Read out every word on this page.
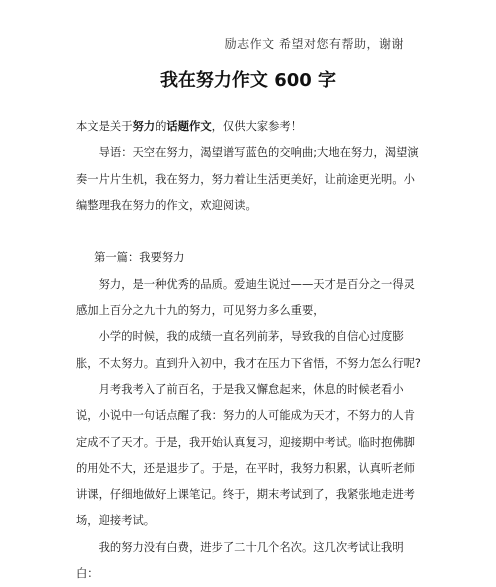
励志作文 希望对您有帮助，谢谢
我在努力作文 600 字

本文是关于努力的话题作文，仅供大家参考！

导语：天空在努力，渴望谱写蓝色的交响曲;大地在努力，渴望演奏一片片生机，我在努力，努力着让生活更美好，让前途更光明。小编整理我在努力的作文，欢迎阅读。

第一篇：我要努力

努力，是一种优秀的品质。爱迪生说过——天才是百分之一得灵感加上百分之九十九的努力，可见努力多么重要，

小学的时候，我的成绩一直名列前茅，导致我的自信心过度膨胀，不太努力。直到升入初中，我才在压力下省悟，不努力怎么行呢?

月考我考入了前百名，于是我又懈怠起来，休息的时候老看小说，小说中一句话点醒了我：努力的人可能成为天才，不努力的人肯定成不了天才。于是，我开始认真复习，迎接期中考试。临时抱佛脚的用处不大，还是退步了。于是，在平时，我努力积累，认真听老师讲课，仔细地做好上课笔记。终于，期末考试到了，我紧张地走进考场，迎接考试。

我的努力没有白费，进步了二十几个名次。这几次考试让我明白：
